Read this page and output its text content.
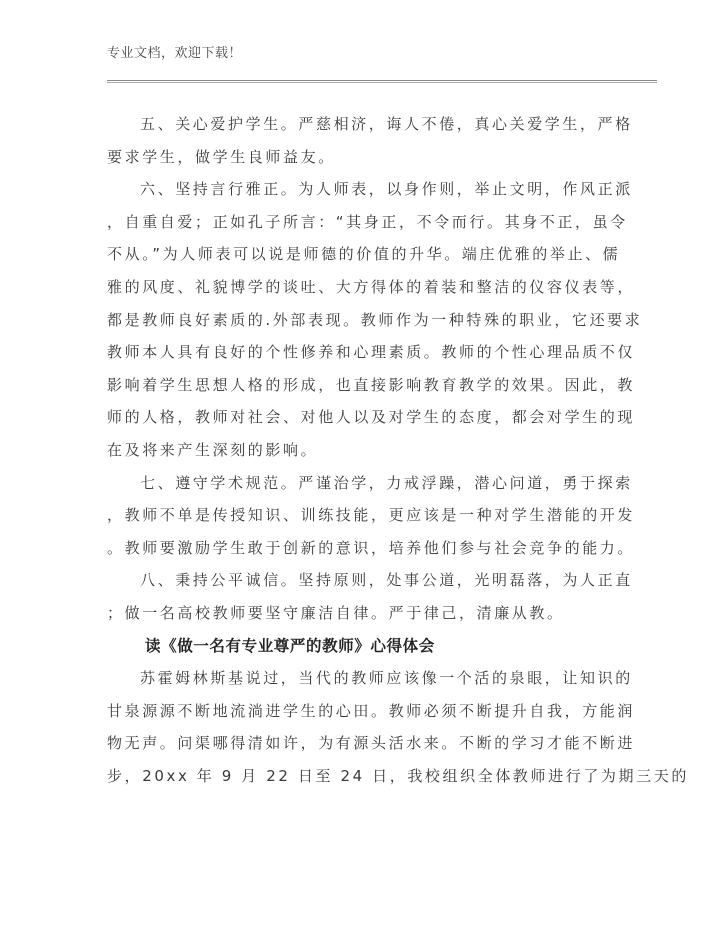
专业文档，欢迎下载！
五、关心爱护学生。严慈相济，诲人不倦，真心关爱学生，严格
要求学生，做学生良师益友。
六、坚持言行雅正。为人师表，以身作则，举止文明，作风正派
，自重自爱；正如孔子所言：“其身正，不令而行。其身不正，虽令
不从。”为人师表可以说是师德的价值的升华。端庄优雅的举止、儒
雅的风度、礼貌博学的谈吐、大方得体的着装和整洁的仪容仪表等，
都是教师良好素质的.外部表现。教师作为一种特殊的职业，它还要求
教师本人具有良好的个性修养和心理素质。教师的个性心理品质不仅
影响着学生思想人格的形成，也直接影响教育教学的效果。因此，教
师的人格，教师对社会、对他人以及对学生的态度，都会对学生的现
在及将来产生深刻的影响。
七、遵守学术规范。严谨治学，力戒浮躁，潜心问道，勇于探索
，教师不单是传授知识、训练技能，更应该是一种对学生潜能的开发
。教师要激励学生敢于创新的意识，培养他们参与社会竞争的能力。
八、秉持公平诚信。坚持原则，处事公道，光明磊落，为人正直
；做一名高校教师要坚守廉洁自律。严于律己，清廉从教。
读《做一名有专业尊严的教师》心得体会
苏霍姆林斯基说过，当代的教师应该像一个活的泉眼，让知识的
甘泉源源不断地流淌进学生的心田。教师必须不断提升自我，方能润
物无声。问渠哪得清如许，为有源头活水来。不断的学习才能不断进
步，20xx 年 9 月 22 日至 24 日，我校组织全体教师进行了为期三天的
